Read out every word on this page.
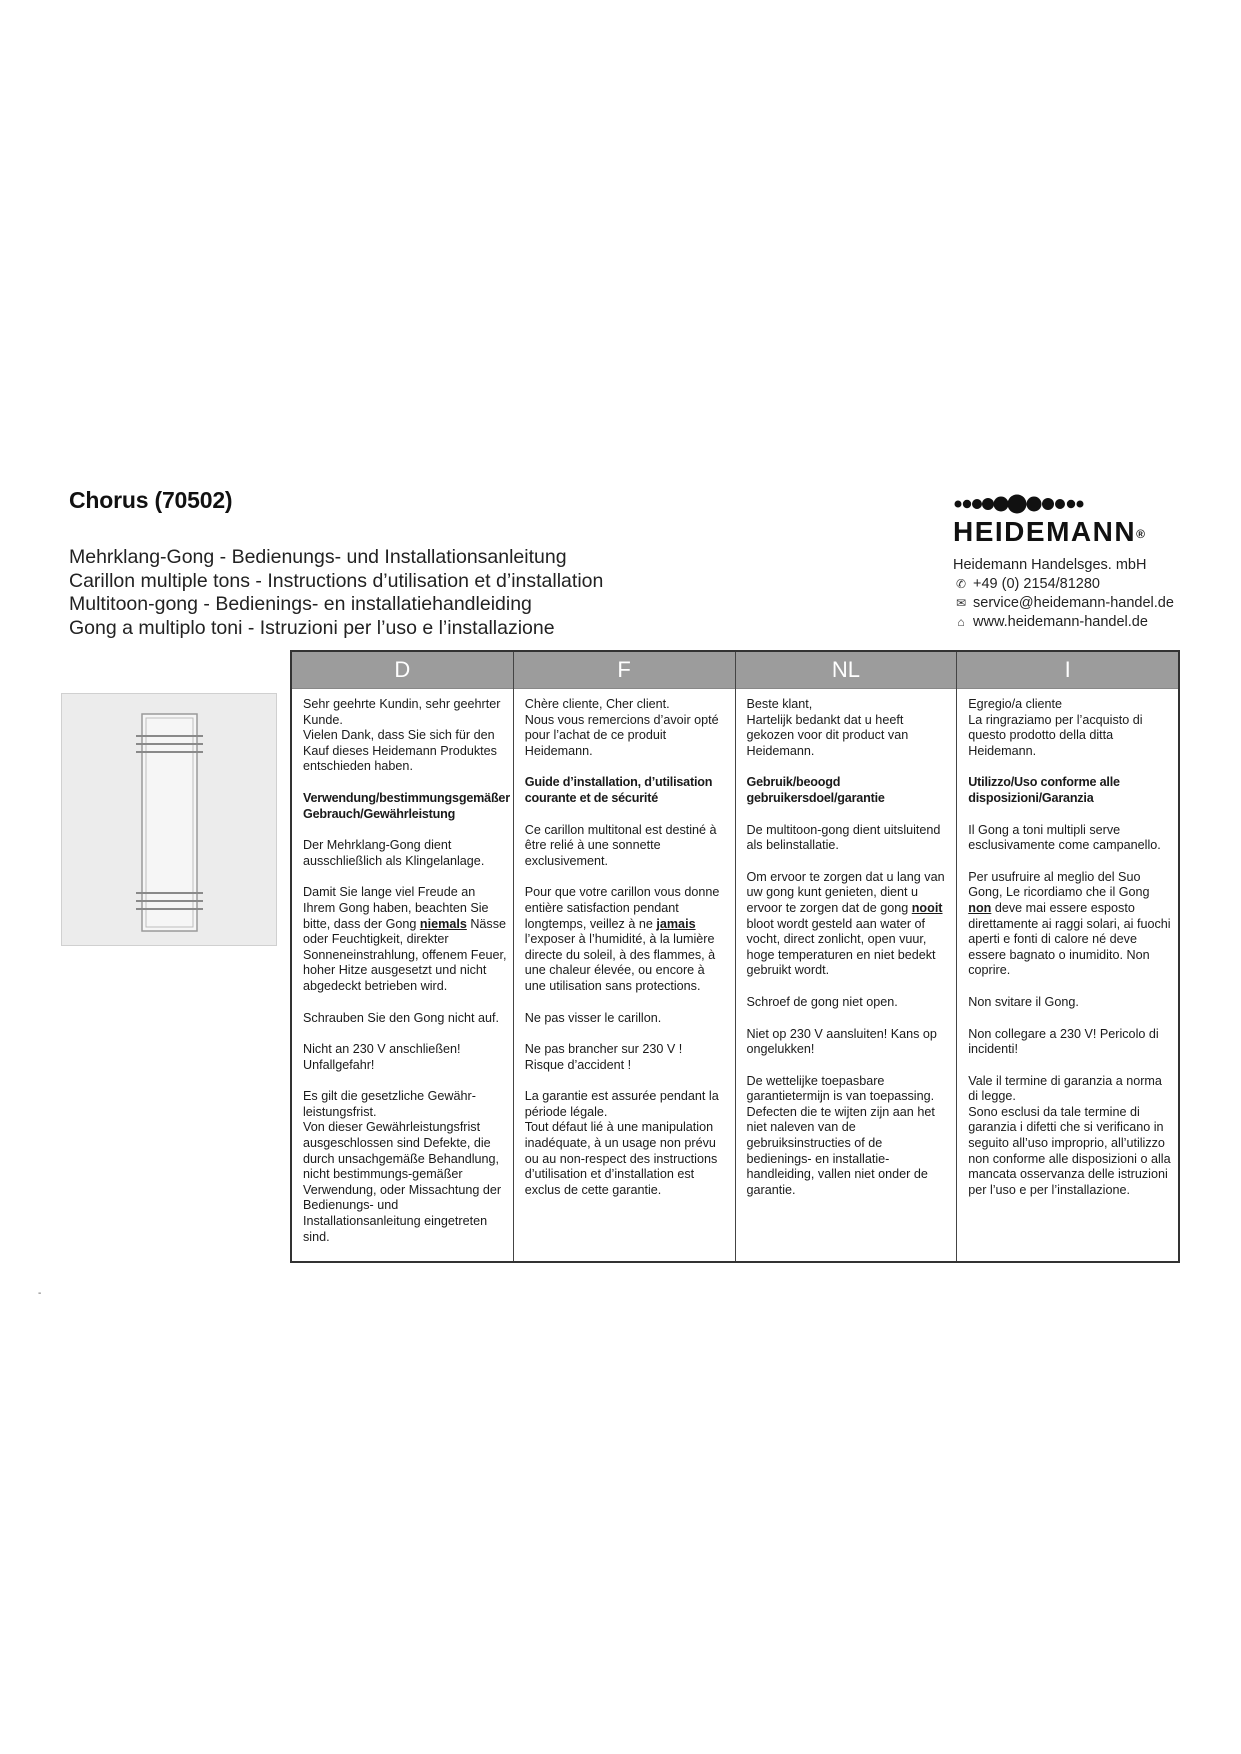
Chorus (70502)
Mehrklang-Gong - Bedienungs- und Installationsanleitung
Carillon multiple tons - Instructions d’utilisation et d’installation
Multitoon-gong - Bedienings- en installatiehandleiding
Gong a multiplo toni - Istruzioni per l’uso e l’installazione
HEIDEMANN®
Heidemann Handelsges. mbH
✆ +49 (0) 2154/81280
✉ service@heidemann-handel.de
⌂ www.heidemann-handel.de
D

Sehr geehrte Kundin, sehr geehrter Kunde.
Vielen Dank, dass Sie sich für den Kauf dieses Heidemann Produktes entschieden haben.

Verwendung/bestimmungsgemäßer Gebrauch/Gewährleistung

Der Mehrklang-Gong dient ausschließlich als Klingelanlage.

Damit Sie lange viel Freude an Ihrem Gong haben, beachten Sie bitte, dass der Gong niemals Nässe oder Feuchtigkeit, direkter Sonneneinstrahlung, offenem Feuer, hoher Hitze ausgesetzt und nicht abgedeckt betrieben wird.

Schrauben Sie den Gong nicht auf.

Nicht an 230 V anschließen! Unfallgefahr!

Es gilt die gesetzliche Gewähr-leistungsfrist.
Von dieser Gewährleistungsfrist ausgeschlossen sind Defekte, die durch unsachgemäße Behandlung, nicht bestimmungs-gemäßer Verwendung, oder Missachtung der Bedienungs- und Installationsanleitung eingetreten sind.

F

Chère cliente, Cher client.
Nous vous remercions d’avoir opté pour l’achat de ce produit Heidemann.

Guide d’installation, d’utilisation courante et de sécurité

Ce carillon multitonal est destiné à être relié à une sonnette exclusivement.

Pour que votre carillon vous donne entière satisfaction pendant longtemps, veillez à ne jamais l’exposer à l’humidité, à la lumière directe du soleil, à des flammes, à une chaleur élevée, ou encore à une utilisation sans protections.

Ne pas visser le carillon.

Ne pas brancher sur 230 V !
Risque d’accident !

La garantie est assurée pendant la période légale.
Tout défaut lié à une manipulation inadéquate, à un usage non prévu ou au non-respect des instructions d’utilisation et d’installation est exclus de cette garantie.

NL

Beste klant,
Hartelijk bedankt dat u heeft gekozen voor dit product van Heidemann.

Gebruik/beoogd gebruikersdoel/garantie

De multitoon-gong dient uitsluitend als belinstallatie.

Om ervoor te zorgen dat u lang van uw gong kunt genieten, dient u ervoor te zorgen dat de gong nooit bloot wordt gesteld aan water of vocht, direct zonlicht, open vuur, hoge temperaturen en niet bedekt gebruikt wordt.

Schroef de gong niet open.

Niet op 230 V aansluiten! Kans op ongelukken!

De wettelijke toepasbare garantietermijn is van toepassing. Defecten die te wijten zijn aan het niet naleven van de gebruiksinstructies of de bedienings- en installatie-handleiding, vallen niet onder de garantie.

I

Egregio/a cliente
La ringraziamo per l’acquisto di questo prodotto della ditta Heidemann.

Utilizzo/Uso conforme alle disposizioni/Garanzia

Il Gong a toni multipli serve esclusivamente come campanello.

Per usufruire al meglio del Suo Gong, Le ricordiamo che il Gong non deve mai essere esposto direttamente ai raggi solari, ai fuochi aperti e fonti di calore né deve essere bagnato o inumidito. Non coprire.

Non svitare il Gong.

Non collegare a 230 V! Pericolo di incidenti!

Vale il termine di garanzia a norma di legge.
Sono esclusi da tale termine di garanzia i difetti che si verificano in seguito all’uso improprio, all’utilizzo non conforme alle disposizioni o alla mancata osservanza delle istruzioni per l’uso e per l’installazione.

-
